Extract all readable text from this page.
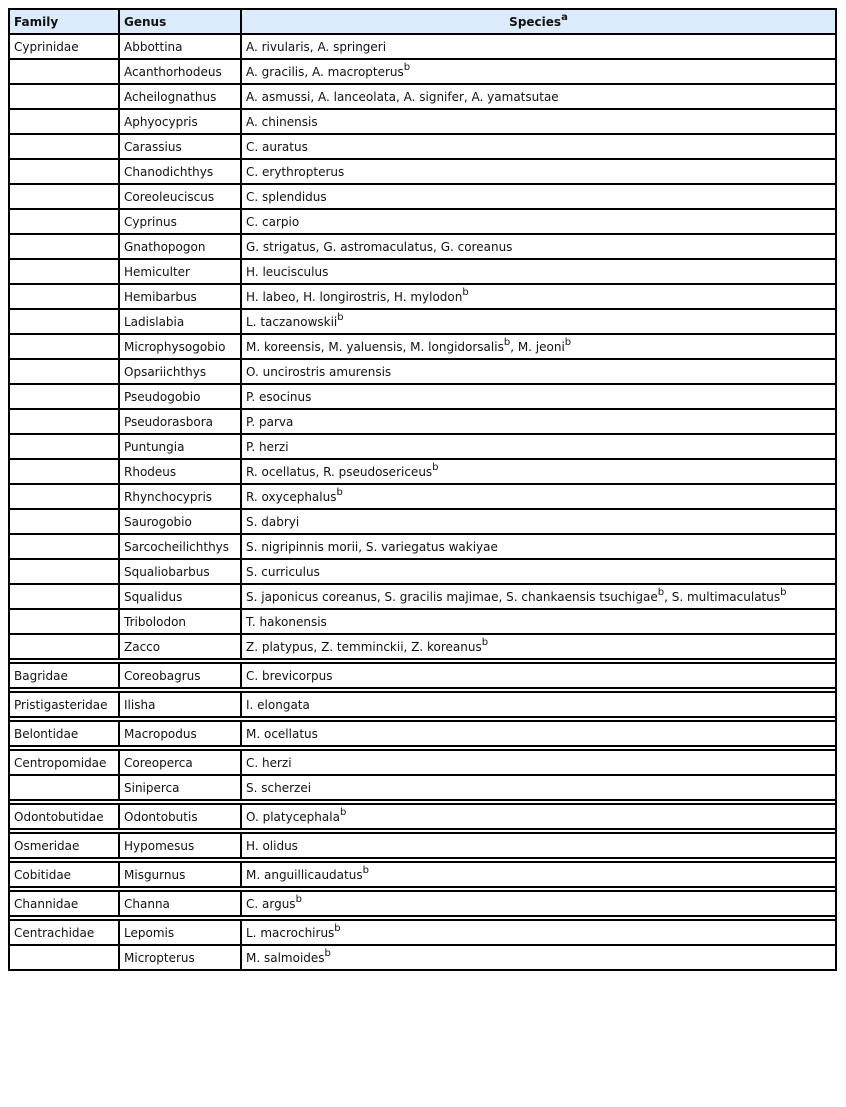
Family	Genus	Species$^a$
Cyprinidae	Abbottina	A. rivularis, A. springeri
	Acanthorhodeus	A. gracilis, A. macropterus$^b$
	Acheilognathus	A. asmussi, A. lanceolata, A. signifer, A. yamatsutae
	Aphyocypris	A. chinensis
	Carassius	C. auratus
	Chanodichthys	C. erythropterus
	Coreoleuciscus	C. splendidus
	Cyprinus	C. carpio
	Gnathopogon	G. strigatus, G. astromaculatus, G. coreanus
	Hemiculter	H. leucisculus
	Hemibarbus	H. labeo, H. longirostris, H. mylodon$^b$
	Ladislabia	L. taczanowskii$^b$
	Microphysogobio	M. koreensis, M. yaluensis, M. longidorsalis$^b$, M. jeoni$^b$
	Opsariichthys	O. uncirostris amurensis
	Pseudogobio	P. esocinus
	Pseudorasbora	P. parva
	Puntungia	P. herzi
	Rhodeus	R. ocellatus, R. pseudosericeus$^b$
	Rhynchocypris	R. oxycephalus$^b$
	Saurogobio	S. dabryi
	Sarcocheilichthys	S. nigripinnis morii, S. variegatus wakiyae
	Squaliobarbus	S. curriculus
	Squalidus	S. japonicus coreanus, S. gracilis majimae, S. chankaensis tsuchigae$^b$, S. multimaculatus$^b$
	Tribolodon	T. hakonensis
	Zacco	Z. platypus, Z. temminckii, Z. koreanus$^b$

Bagridae	Coreobagrus	C. brevicorpus

Pristigasteridae	Ilisha	I. elongata

Belontidae	Macropodus	M. ocellatus

Centropomidae	Coreoperca	C. herzi
	Siniperca	S. scherzei

Odontobutidae	Odontobutis	O. platycephala$^b$

Osmeridae	Hypomesus	H. olidus

Cobitidae	Misgurnus	M. anguillicaudatus$^b$

Channidae	Channa	C. argus$^b$

Centrachidae	Lepomis	L. macrochirus$^b$
	Micropterus	M. salmoides$^b$
